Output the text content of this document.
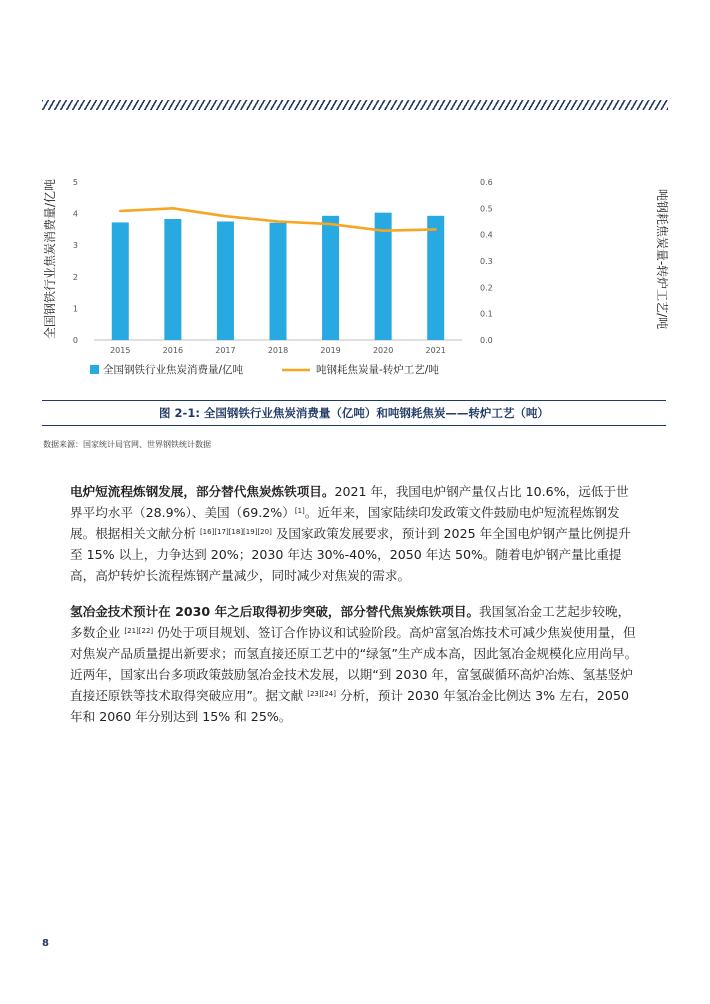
0
1
2
3
4
5
0.0
0.1
0.2
0.3
0.4
0.5
0.6
2015	2016	2017	2018	2019	2020	2021
全国钢铁行业焦炭消费量/亿吨	吨钢耗焦炭量-转炉工艺/吨
全国钢铁行业焦炭消费量/亿吨	吨钢耗焦炭量-转炉工艺/吨
图 2-1: 全国钢铁行业焦炭消费量（亿吨）和吨钢耗焦炭——转炉工艺（吨）
数据来源：国家统计局官网、世界钢铁统计数据

电炉短流程炼钢发展，部分替代焦炭炼铁项目。2021 年，我国电炉钢产量仅占比 10.6%，远低于世界平均水平（28.9%）、美国（69.2%）[1]。近年来，国家陆续印发政策文件鼓励电炉短流程炼钢发展。根据相关文献分析 [16][17][18][19][20] 及国家政策发展要求，预计到 2025 年全国电炉钢产量比例提升至 15% 以上，力争达到 20%；2030 年达 30%-40%，2050 年达 50%。随着电炉钢产量比重提高，高炉转炉长流程炼钢产量减少，同时减少对焦炭的需求。

氢冶金技术预计在 2030 年之后取得初步突破，部分替代焦炭炼铁项目。我国氢冶金工艺起步较晚，多数企业 [21][22] 仍处于项目规划、签订合作协议和试验阶段。高炉富氢冶炼技术可减少焦炭使用量，但对焦炭产品质量提出新要求；而氢直接还原工艺中的“绿氢”生产成本高，因此氢冶金规模化应用尚早。近两年，国家出台多项政策鼓励氢冶金技术发展，以期“到 2030 年，富氢碳循环高炉冶炼、氢基竖炉直接还原铁等技术取得突破应用”。据文献 [23][24] 分析，预计 2030 年氢冶金比例达 3% 左右，2050 年和 2060 年分别达到 15% 和 25%。

8
